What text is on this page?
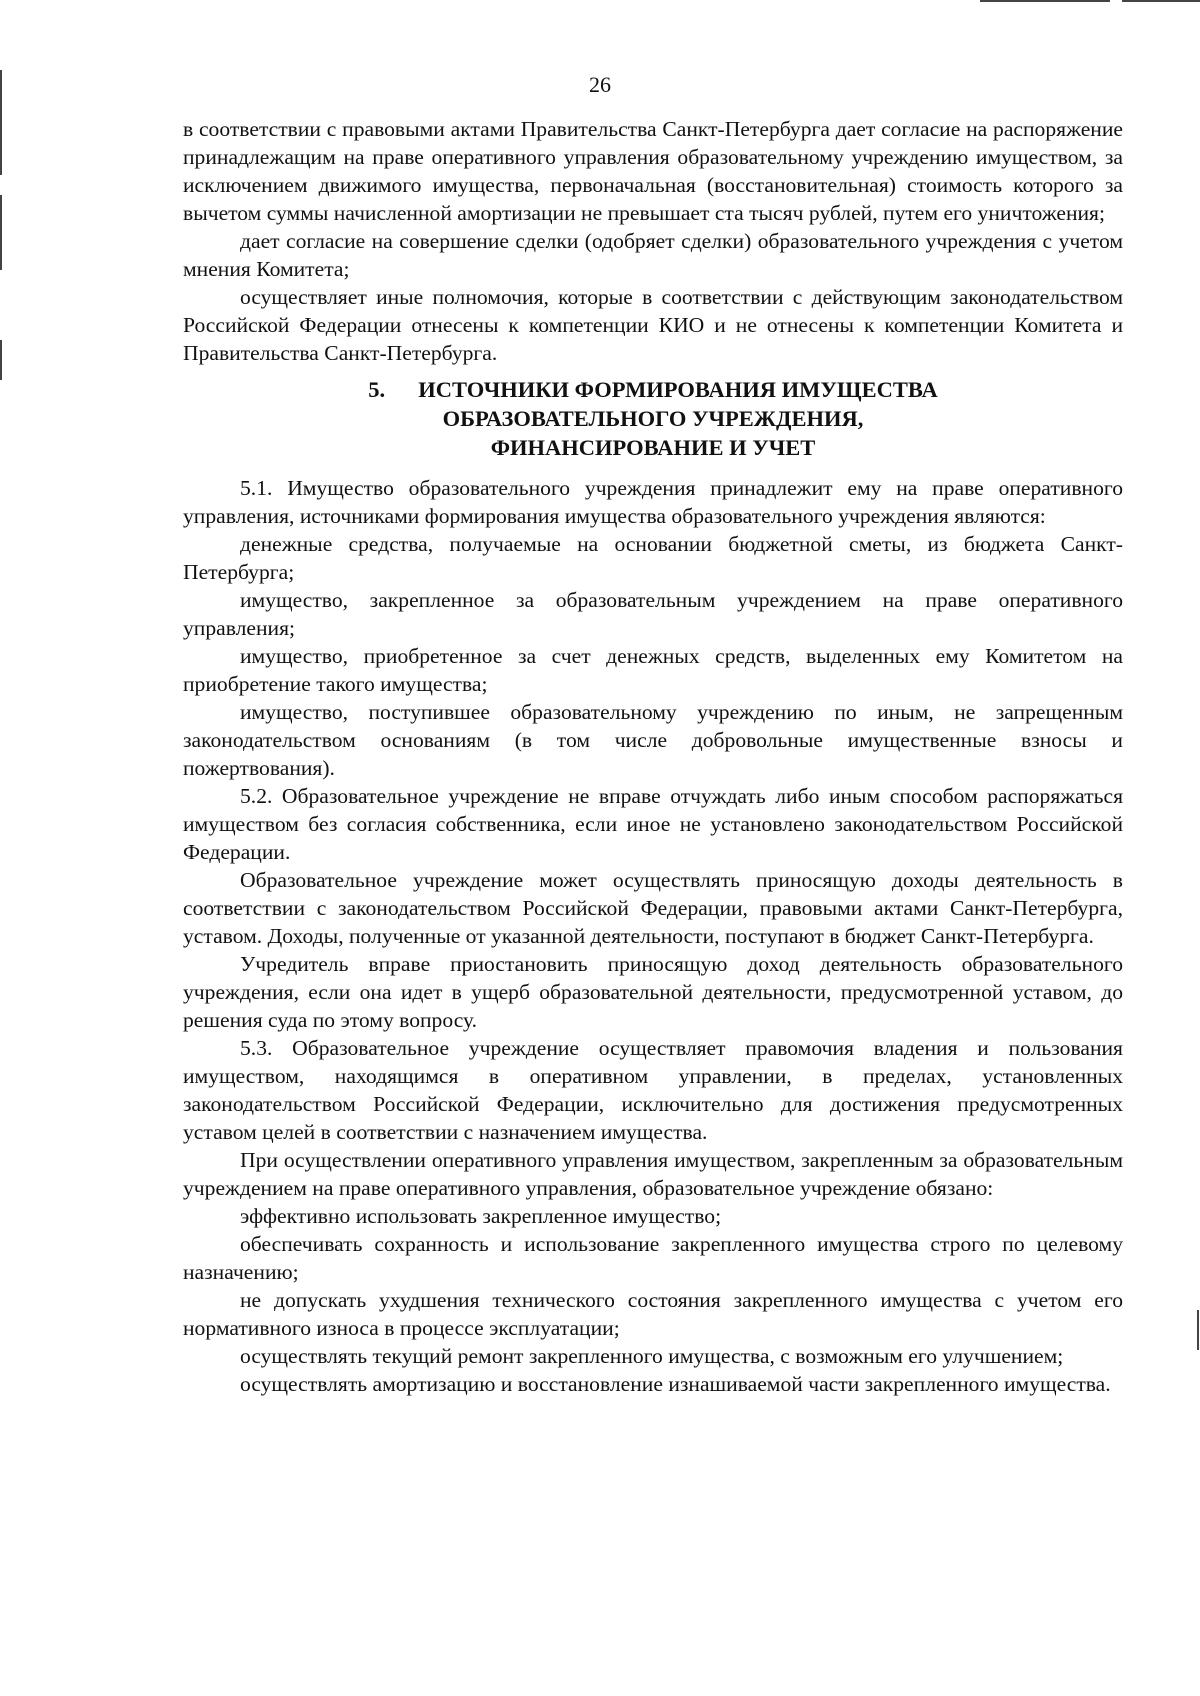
26

в соответствии с правовыми актами Правительства Санкт-Петербурга дает согласие на распоряжение принадлежащим на праве оперативного управления образовательному учреждению имуществом, за исключением движимого имущества, первоначальная (восстановительная) стоимость которого за вычетом суммы начисленной амортизации не превышает ста тысяч рублей, путем его уничтожения;

дает согласие на совершение сделки (одобряет сделки) образовательного учреждения с учетом мнения Комитета;

осуществляет иные полномочия, которые в соответствии с действующим законодательством Российской Федерации отнесены к компетенции КИО и не отнесены к компетенции Комитета и Правительства Санкт-Петербурга.

5. ИСТОЧНИКИ ФОРМИРОВАНИЯ ИМУЩЕСТВА
ОБРАЗОВАТЕЛЬНОГО УЧРЕЖДЕНИЯ,
ФИНАНСИРОВАНИЕ И УЧЕТ

5.1. Имущество образовательного учреждения принадлежит ему на праве оперативного управления, источниками формирования имущества образовательного учреждения являются:

денежные средства, получаемые на основании бюджетной сметы, из бюджета Санкт-Петербурга;

имущество, закрепленное за образовательным учреждением на праве оперативного управления;

имущество, приобретенное за счет денежных средств, выделенных ему Комитетом на приобретение такого имущества;

имущество, поступившее образовательному учреждению по иным, не запрещенным законодательством основаниям (в том числе добровольные имущественные взносы и пожертвования).

5.2. Образовательное учреждение не вправе отчуждать либо иным способом распоряжаться имуществом без согласия собственника, если иное не установлено законодательством Российской Федерации.

Образовательное учреждение может осуществлять приносящую доходы деятельность в соответствии с законодательством Российской Федерации, правовыми актами Санкт-Петербурга, уставом. Доходы, полученные от указанной деятельности, поступают в бюджет Санкт-Петербурга.

Учредитель вправе приостановить приносящую доход деятельность образовательного учреждения, если она идет в ущерб образовательной деятельности, предусмотренной уставом, до решения суда по этому вопросу.

5.3. Образовательное учреждение осуществляет правомочия владения и пользования имуществом, находящимся в оперативном управлении, в пределах, установленных законодательством Российской Федерации, исключительно для достижения предусмотренных уставом целей в соответствии с назначением имущества.

При осуществлении оперативного управления имуществом, закрепленным за образовательным учреждением на праве оперативного управления, образовательное учреждение обязано:

эффективно использовать закрепленное имущество;

обеспечивать сохранность и использование закрепленного имущества строго по целевому назначению;

не допускать ухудшения технического состояния закрепленного имущества с учетом его нормативного износа в процессе эксплуатации;

осуществлять текущий ремонт закрепленного имущества, с возможным его улучшением;

осуществлять амортизацию и восстановление изнашиваемой части закрепленного имущества.
